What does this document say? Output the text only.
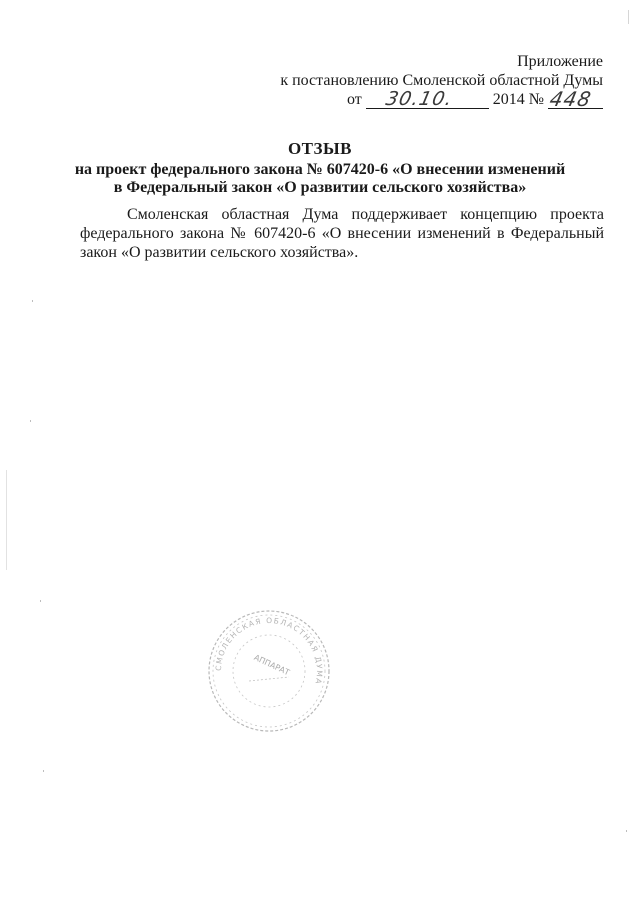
Приложение
к постановлению Смоленской областной Думы
от 30.10. 2014 № 448
ОТЗЫВ
на проект федерального закона № 607420-6 «О внесении изменений
в Федеральный закон «О развитии сельского хозяйства»
Смоленская областная Дума поддерживает концепцию проекта федерального закона № 607420-6 «О внесении изменений в Федеральный закон «О развитии сельского хозяйства».
СМОЛЕНСКАЯ ОБЛАСТНАЯ ДУМА
АППАРАТ
